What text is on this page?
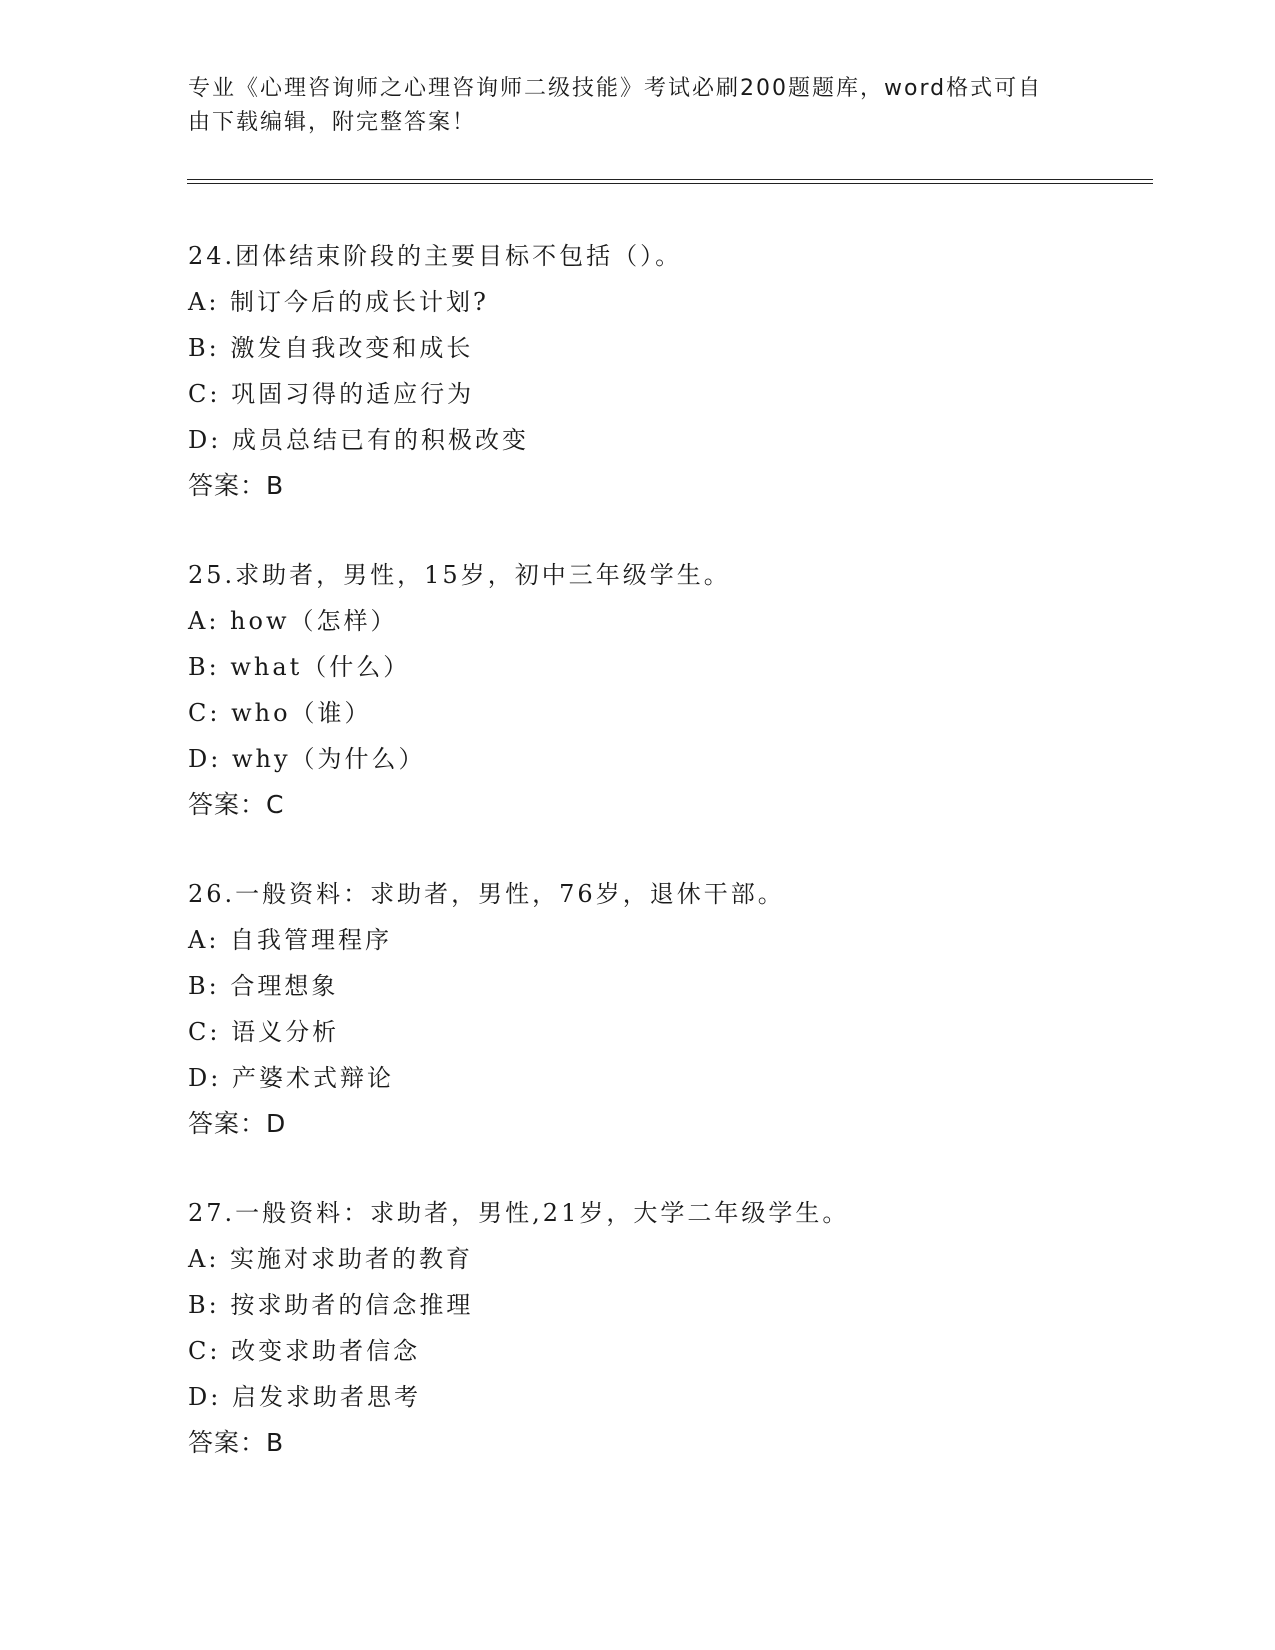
专业《心理咨询师之心理咨询师二级技能》考试必刷200题题库，word格式可自
由下载编辑，附完整答案！
24.团体结束阶段的主要目标不包括（）。
A: 制订今后的成长计划?
B: 激发自我改变和成长
C: 巩固习得的适应行为
D: 成员总结已有的积极改变
答案：B
25.求助者，男性，15岁，初中三年级学生。
A: how（怎样）
B: what（什么）
C: who（谁）
D: why（为什么）
答案：C
26.一般资料：求助者，男性，76岁，退休干部。
A: 自我管理程序
B: 合理想象
C: 语义分析
D: 产婆术式辩论
答案：D
27.一般资料：求助者，男性,21岁，大学二年级学生。
A: 实施对求助者的教育
B: 按求助者的信念推理
C: 改变求助者信念
D: 启发求助者思考
答案：B
